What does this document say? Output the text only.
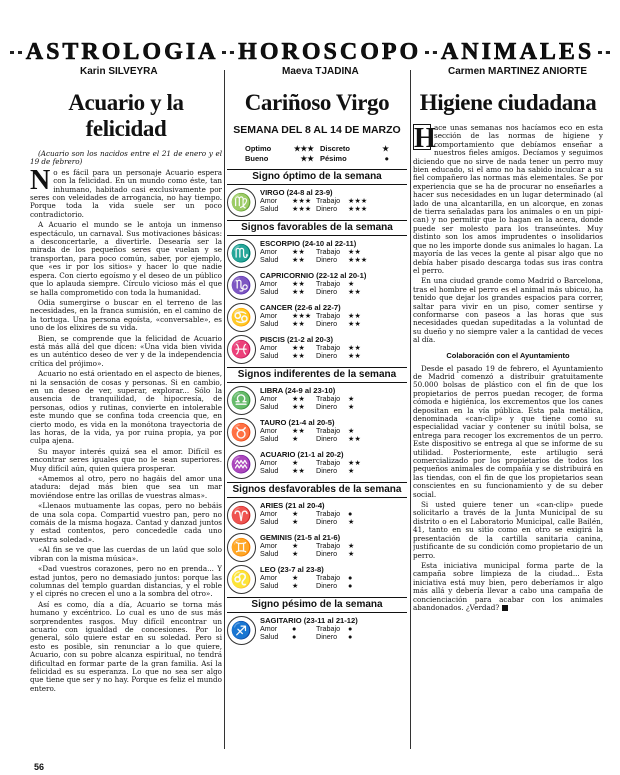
ASTROLOGIA HOROSCOPO ANIMALES
Karin SILVEYRA	Maeva TJADINA	Carmen MARTINEZ ANIORTE
Acuario y la felicidad

(Acuario son los nacidos entre el 21 de enero y el 19 de febrero)

No es fácil para un personaje Acuario espera con la felicidad. En un mundo como éste, tan inhumano, habitado casi exclusivamente por seres con veleidades de arrogancia, no hay tiempo. Porque toda la vida suele ser un poco contradictorio.

A Acuario el mundo se le antoja un inmenso espectáculo, un carnaval. Sus motivaciones básicas: a desconcertarle, a divertirle. Desearía ser la mirada de los pequeños seres que vuelan y se transportan, para poco común, saber, por ejemplo, que «es ir por los sitios» y hacer lo que nadie espera. Con cierto egoísmo y el deseo de un público que lo aplauda siempre. Círculo vicioso más el que se halla comprometido con toda la humanidad.

Odia sumergirse o buscar en el terreno de las necesidades, en la franca sumisión, en el camino de la tortuga. Una persona egoísta, «conversable», es uno de los elixires de su vida.

Bien, se comprende que la felicidad de Acuario está más allá del que dicen: «Una vida bien vivida es un auténtico deseo de ver y de la independencia crítica del prójimo».

Acuario no está orientado en el aspecto de bienes, ni la sensación de cosas y personas. Si en cambio, en un deseo de ver, superar, explorar... Sólo la ausencia de tranquilidad, de hipocresía, de personas, odios y rutinas, convierte en intolerable este mundo que se confina toda creencia que, en cierto modo, es vida en la monótona trayectoria de las horas, de la vida, ya por ruina propia, ya por culpa ajena.

Su mayor interés quizá sea el amor. Difícil es encontrar seres iguales que no le sean superiores. Muy difícil aún, quien quiera prosperar.

«Amemos al otro, pero no hagáis del amor una atadura: dejad más bien que sea un mar moviéndose entre las orillas de vuestras almas».

«Llenaos mutuamente las copas, pero no bebáis de una sola copa. Compartid vuestro pan, pero no comáis de la misma hogaza. Cantad y danzad juntos y estad contentos, pero concededle cada uno vuestra soledad».

«Al fin se ve que las cuerdas de un laúd que solo vibran con la misma música».

«Dad vuestros corazones, pero no en prenda... Y estad juntos, pero no demasiado juntos: porque las columnas del templo guardan distancias, y el roble y el ciprés no crecen el uno a la sombra del otro».

Así es como, día a día, Acuario se torna más humano y excéntrico. Lo cual es uno de sus más sorprendentes rasgos. Muy difícil encontrar un acuario con igualdad de concesiones. Por lo general, sólo quiere estar en su soledad. Pero si esto es posible, sin renunciar a lo que quiere, Acuario, con su pobre alcanza espiritual, no tendrá dificultad en formar parte de la gran familia. Así la felicidad es su esperanza. Lo que no sea ser algo que tiene que ser y no hay. Porque es feliz el mundo entero.

Cariñoso Virgo
SEMANA DEL 8 AL 14 DE MARZO
Optimo	★★★ Discreto	★
Bueno	★★ Pésimo	●
Signo óptimo de la semana
♍	VIRGO (24-8 al 23-9)
Amor	★★★ Trabajo	★★★
Salud	★★★ Dinero	★★★
Signos favorables de la semana
♏	ESCORPIO (24-10 al 22-11)
Amor	★★	Trabajo	★★
Salud	★★	Dinero	★★★
♑	CAPRICORNIO (22-12 al 20-1)
Amor	★★	Trabajo	★
Salud	★★	Dinero	★★
♋	CANCER (22-6 al 22-7)
Amor	★★★ Trabajo	★★
Salud	★★	Dinero	★★
♓	PISCIS (21-2 al 20-3)
Amor	★★	Trabajo	★★
Salud	★★	Dinero	★★
Signos indiferentes de la semana
♎	LIBRA (24-9 al 23-10)
Amor	★★	Trabajo	★
Salud	★★	Dinero	★
♉	TAURO (21-4 al 20-5)
Amor	★★	Trabajo	★
Salud	★	Dinero	★★
♒	ACUARIO (21-1 al 20-2)
Amor	★	Trabajo	★★
Salud	★★	Dinero	★
Signos desfavorables de la semana
♈	ARIES (21 al 20-4)
Amor	★	Trabajo	●
Salud	★	Dinero	★
♊	GEMINIS (21-5 al 21-6)
Amor	★	Trabajo	★
Salud	★	Dinero	★
♌	LEO (23-7 al 23-8)
Amor	★	Trabajo	●
Salud	★	Dinero	●
Signo pésimo de la semana
♐	SAGITARIO (23-11 al 21-12)
Amor	●	Trabajo	●
Salud	●	Dinero	●
Higiene ciudadana

H
ace unas semanas nos hacíamos eco en esta sección de las normas de higiene y comportamiento que debíamos enseñar a nuestros fieles amigos. Decíamos y seguimos diciendo que no sirve de nada tener un perro muy bien educado, si el amo no ha sabido inculcar a su fiel compañero las normas más elementales. Se por experiencia que se ha de procurar no enseñarles a hacer sus necesidades en un lugar determinado (al lado de una alcantarilla, en un alcorque, en zonas de tierra señaladas para los animales o en un pipi-can) y no permitir que lo hagan en la acera, donde puede ser molesto para los transeúntes. Muy distinto son los amos imprudentes o insolidarios que no les importe donde sus animales lo hagan. La mayoría de las veces la gente al pisar algo que no debía haber pisado descarga todas sus iras contra el perro.

En una ciudad grande como Madrid o Barcelona, tras el hombre el perro es el animal más ubicuo, ha tenido que dejar los grandes espacios para correr, saltar para vivir en un piso, comer sentirse y conformarse con paseos a las horas que sus necesidades quedan supeditadas a la voluntad de su dueño y no siempre valer a la cantidad de veces al día.

Colaboración con el Ayuntamiento

Desde el pasado 19 de febrero, el Ayuntamiento de Madrid comenzó a distribuir gratuitamente 50.000 bolsas de plástico con el fin de que los propietarios de perros puedan recoger, de forma cómoda e higiénica, los excrementos que los canes depositan en la vía pública. Esta pala metálica, denominada «can-clip» y que tiene como su especialidad vaciar y contener su inútil bolsa, se entrega para recoger los excrementos de un perro. Este dispositivo se entrega al que se informe de su utilidad. Posteriormente, este artilugio será comercializado por los propietarios de todos los pequeños animales de compañía y se distribuirá en las tiendas, con el fin de que los propietarios sean conscientes en su funcionamiento y de su deber social.

Si usted quiere tener un «can-clip» puede solicitarlo a través de la Junta Municipal de su distrito o en el Laboratorio Municipal, calle Bailén, 41, tanto en su sitio como en otro se exigirá la presentación de la cartilla sanitaria canina, justificante de su condición como propietario de un perro.

Esta iniciativa municipal forma parte de la campaña sobre limpieza de la ciudad... Esta iniciativa está muy bien, pero deberíamos ir algo más allá y debería llevar a cabo una campaña de concienciación para acabar con los animales abandonados. ¿Verdad?

56
